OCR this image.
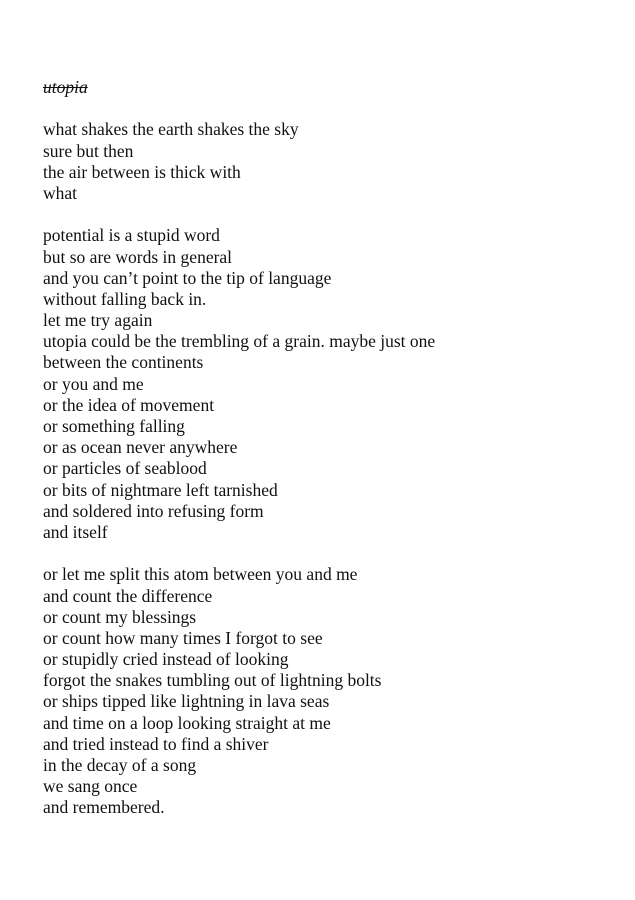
utopia
what shakes the earth shakes the sky
sure but then
the air between is thick with
what
potential is a stupid word
but so are words in general
and you can’t point to the tip of language
without falling back in.
let me try again
utopia could be the trembling of a grain. maybe just one
between the continents
or you and me
or the idea of movement
or something falling
or as ocean never anywhere
or particles of seablood
or bits of nightmare left tarnished
and soldered into refusing form
and itself
or let me split this atom between you and me
and count the difference
or count my blessings
or count how many times I forgot to see
or stupidly cried instead of looking
forgot the snakes tumbling out of lightning bolts
or ships tipped like lightning in lava seas
and time on a loop looking straight at me
and tried instead to find a shiver
in the decay of a song
we sang once
and remembered.
